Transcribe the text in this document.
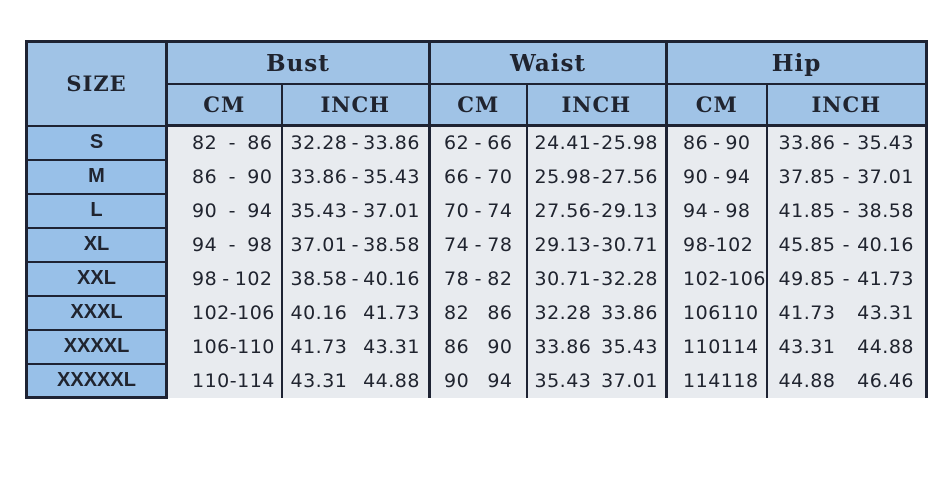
SIZE	Bust		Waist		Hip	
	CM	INCH	CM	INCH	CM	INCH
S	82 - 86	32.28 - 33.86	62 - 66	24.41 - 25.98	86 - 90	33.86 - 35.43

M	86 - 90	33.86 - 35.43	66 - 70	25.98 - 27.56	90 - 94	37.85 - 37.01

L	90 - 94	35.43 - 37.01	70 - 74	27.56 - 29.13	94 - 98	41.85 - 38.58

XL	94 - 98	37.01 - 38.58	74 - 78	29.13 - 30.71	98 - 102	45.85 - 40.16

XXL	98 - 102	38.58 - 40.16	78 - 82	30.71 - 32.28	102 - 106	49.85 - 41.73

XXXL	102 - 106	40.16 41.73	82 86	32.28 33.86	106 110	41.73 43.31

XXXXL	106 - 110	41.73 43.31	86 90	33.86 35.43	110 114	43.31 44.88

XXXXXL	110 - 114	43.31 44.88	90 94	35.43 37.01	114 118	44.88 46.46
